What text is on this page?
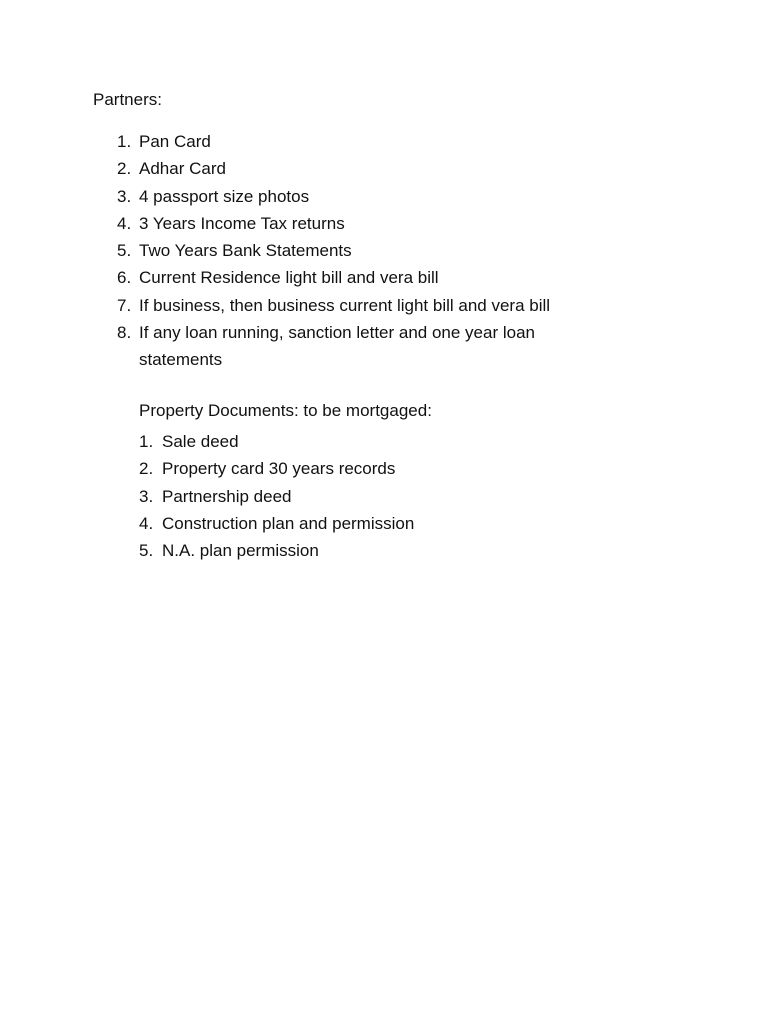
Partners:
1. Pan Card
2. Adhar Card
3. 4 passport size photos
4. 3 Years Income Tax returns
5. Two Years Bank Statements
6. Current Residence light bill and vera bill
7. If business, then business current light bill and vera bill
8. If any loan running, sanction letter and one year loan statements
Property Documents: to be mortgaged:
1. Sale deed
2. Property card 30 years records
3. Partnership deed
4. Construction plan and permission
5. N.A. plan permission
